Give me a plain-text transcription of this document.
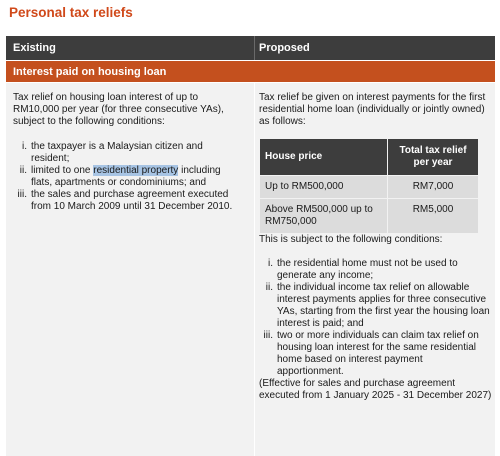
Personal tax reliefs
Existing	Proposed
Interest paid on housing loan

Tax relief on housing loan interest of up to RM10,000 per year (for three consecutive YAs), subject to the following conditions:

i. the taxpayer is a Malaysian citizen and resident;
ii. limited to one residential property including flats, apartments or condominiums; and
iii. the sales and purchase agreement executed from 10 March 2009 until 31 December 2010.

Tax relief be given on interest payments for the first residential home loan (individually or jointly owned) as follows:

House price	Total tax relief per year
Up to RM500,000	RM7,000
Above RM500,000 up to RM750,000	RM5,000

This is subject to the following conditions:

i. the residential home must not be used to generate any income;
ii. the individual income tax relief on allowable interest payments applies for three consecutive YAs, starting from the first year the housing loan interest is paid; and
iii. two or more individuals can claim tax relief on housing loan interest for the same residential home based on interest payment apportionment.

(Effective for sales and purchase agreement executed from 1 January 2025 - 31 December 2027)
